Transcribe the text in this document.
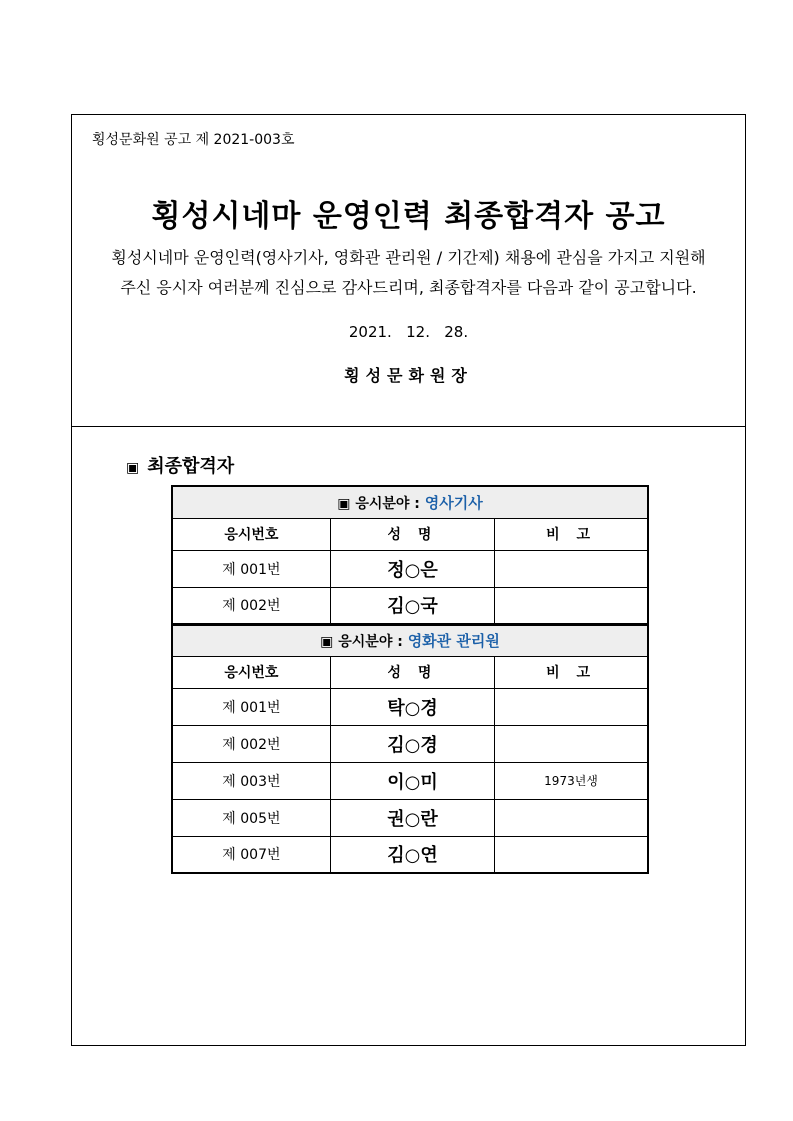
횡성문화원 공고 제 2021-003호
횡성시네마 운영인력 최종합격자 공고
횡성시네마 운영인력(영사기사, 영화관 관리원 / 기간제) 채용에 관심을 가지고 지원해
주신 응시자 여러분께 진심으로 감사드리며, 최종합격자를 다음과 같이 공고합니다.
2021.   12.   28.
횡성문화원장
▣ 최종합격자
▣ 응시분야 : 영사기사		
응시번호	성 명	비 고
제 001번	정○은	
제 002번	김○국	
▣ 응시분야 : 영화관 관리원		
응시번호	성 명	비 고
제 001번	탁○경	
제 002번	김○경	
제 003번	이○미	1973년생
제 005번	권○란	
제 007번	김○연	
